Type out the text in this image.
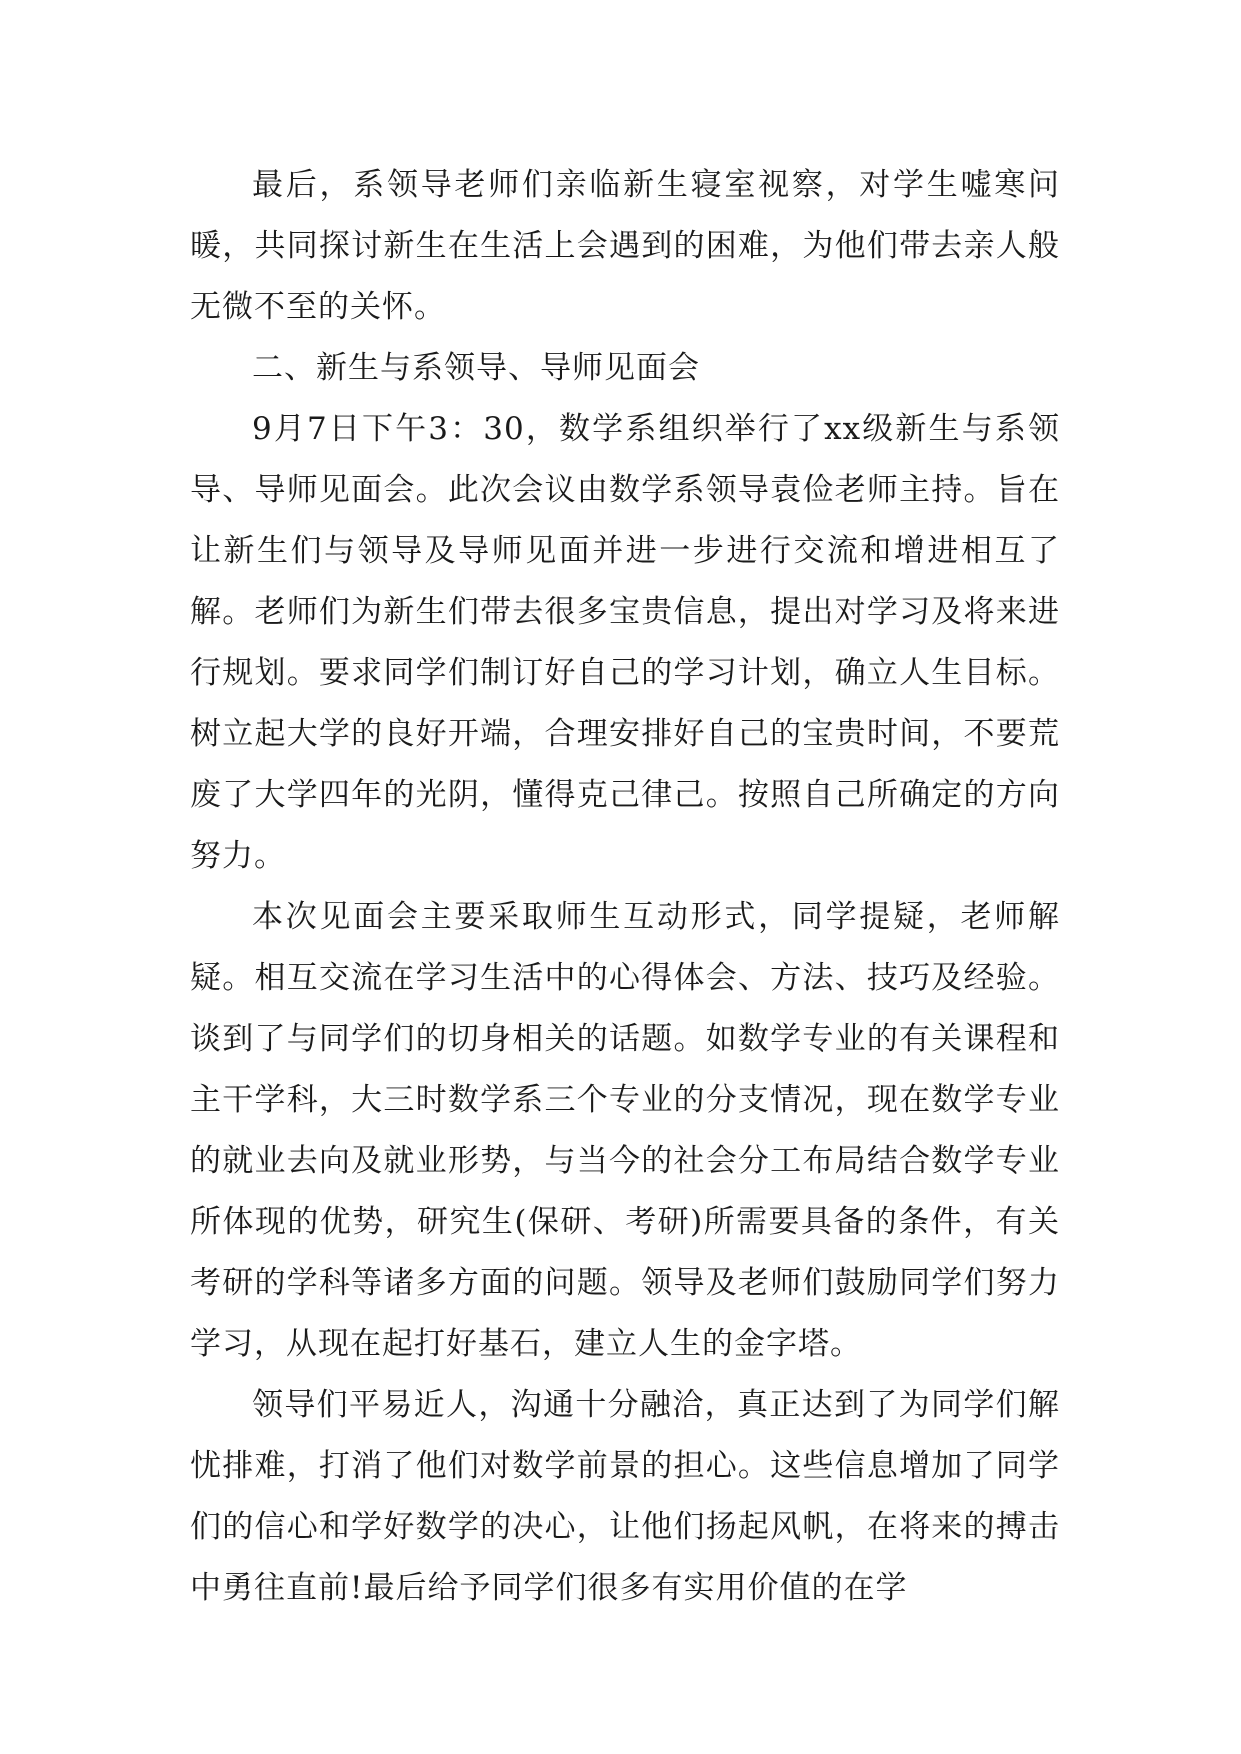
最后，系领导老师们亲临新生寝室视察，对学生嘘寒问暖，共同探讨新生在生活上会遇到的困难，为他们带去亲人般无微不至的关怀。

二、新生与系领导、导师见面会

9月7日下午3：30，数学系组织举行了xx级新生与系领导、导师见面会。此次会议由数学系领导袁俭老师主持。旨在让新生们与领导及导师见面并进一步进行交流和增进相互了解。老师们为新生们带去很多宝贵信息，提出对学习及将来进行规划。要求同学们制订好自己的学习计划，确立人生目标。树立起大学的良好开端，合理安排好自己的宝贵时间，不要荒废了大学四年的光阴，懂得克己律己。按照自己所确定的方向努力。

本次见面会主要采取师生互动形式，同学提疑，老师解疑。相互交流在学习生活中的心得体会、方法、技巧及经验。谈到了与同学们的切身相关的话题。如数学专业的有关课程和主干学科，大三时数学系三个专业的分支情况，现在数学专业的就业去向及就业形势，与当今的社会分工布局结合数学专业所体现的优势，研究生(保研、考研)所需要具备的条件，有关考研的学科等诸多方面的问题。领导及老师们鼓励同学们努力学习，从现在起打好基石，建立人生的金字塔。

领导们平易近人，沟通十分融洽，真正达到了为同学们解忧排难，打消了他们对数学前景的担心。这些信息增加了同学们的信心和学好数学的决心，让他们扬起风帆，在将来的搏击中勇往直前!最后给予同学们很多有实用价值的在学
